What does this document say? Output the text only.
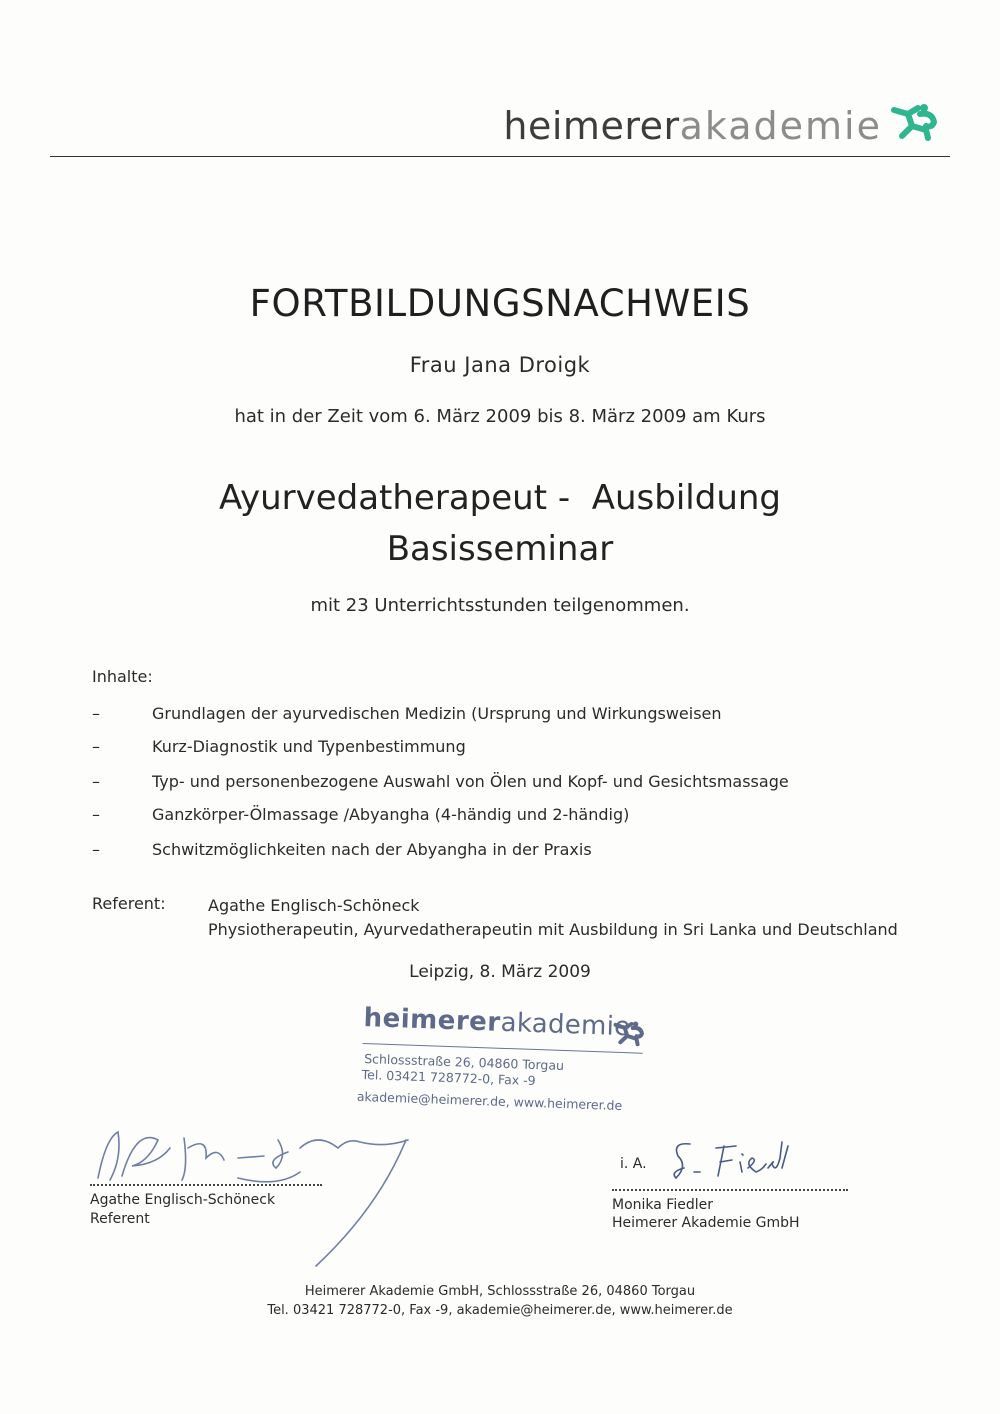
heimerer akademie
FORTBILDUNGSNACHWEIS
Frau Jana Droigk
hat in der Zeit vom 6. März 2009 bis 8. März 2009 am Kurs
Ayurvedatherapeut -  Ausbildung
Basisseminar
mit 23 Unterrichtsstunden teilgenommen.
Inhalte:
–	Grundlagen der ayurvedischen Medizin (Ursprung und Wirkungsweisen
–	Kurz-Diagnostik und Typenbestimmung
–	Typ- und personenbezogene Auswahl von Ölen und Kopf- und Gesichtsmassage
–	Ganzkörper-Ölmassage /Abyangha (4-händig und 2-händig)
–	Schwitzmöglichkeiten nach der Abyangha in der Praxis
Referent:	Agathe Englisch-Schöneck
Physiotherapeutin, Ayurvedatherapeutin mit Ausbildung in Sri Lanka und Deutschland
Leipzig, 8. März 2009
heimererakademie
Schlossstraße 26, 04860 Torgau
Tel. 03421 728772-0, Fax -9
akademie@heimerer.de, www.heimerer.de
Agathe Englisch-Schöneck
Referent
i. A.
Monika Fiedler
Heimerer Akademie GmbH
Heimerer Akademie GmbH, Schlossstraße 26, 04860 Torgau
Tel. 03421 728772-0, Fax -9, akademie@heimerer.de, www.heimerer.de
